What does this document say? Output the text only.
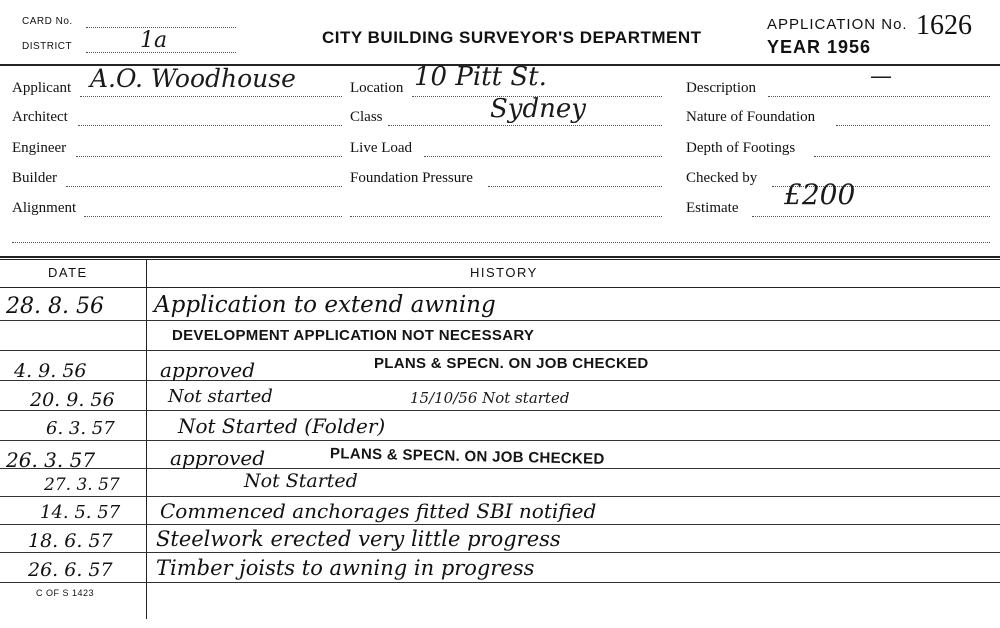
CARD No.
DISTRICT	1a	CITY BUILDING SURVEYOR'S DEPARTMENT
APPLICATION No. 1626
YEAR 1956
Applicant A.O. Woodhouse
Architect
Engineer
Builder
Alignment
Location 10 Pitt St.
Sydney
Class
Live Load
Foundation Pressure
Description	—
Nature of Foundation
Depth of Footings
Checked by
Estimate £200
DATE	HISTORY
28. 8. 56 Application to extend awning
DEVELOPMENT APPLICATION NOT NECESSARY
4. 9. 56	approved	PLANS & SPECN. ON JOB CHECKED
20. 9. 56	Not started	15/10/56 Not started
6. 3. 57	Not Started (Folder)
26. 3. 57	approved	PLANS & SPECN. ON JOB CHECKED
27. 3. 57	Not Started
14. 5. 57 Commenced anchorages fitted SBI notified
18. 6. 57 Steelwork erected very little progress
26. 6. 57 Timber joists to awning in progress
C OF S 1423
